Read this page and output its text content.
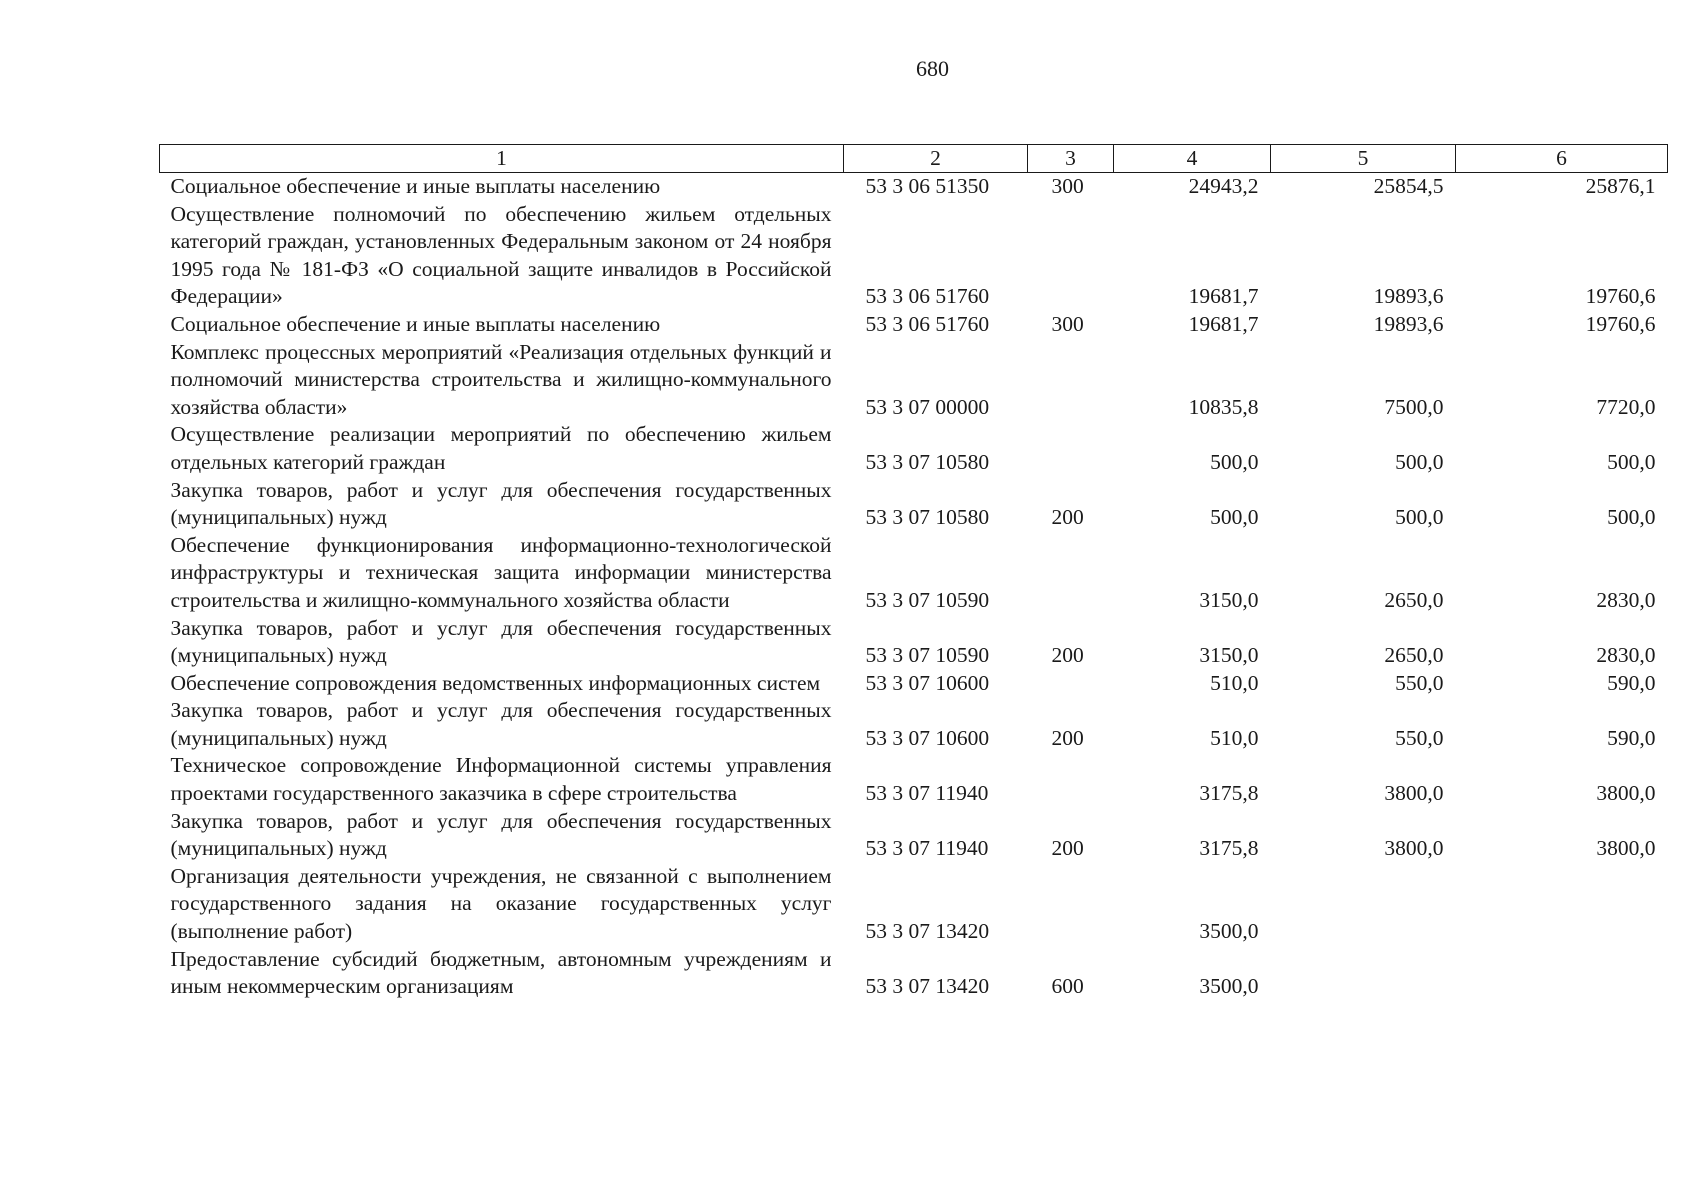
680
1	2	3	4	5	6
Социальное обеспечение и иные выплаты населению	53 3 06 51350	300	24943,2	25854,5	25876,1
Осуществление полномочий по обеспечению жильем отдельных категорий граждан, установленных Федеральным законом от 24 ноября 1995 года № 181-ФЗ «О социальной защите инвалидов в Российской Федерации»	53 3 06 51760		19681,7	19893,6	19760,6
Социальное обеспечение и иные выплаты населению	53 3 06 51760	300	19681,7	19893,6	19760,6
Комплекс процессных мероприятий «Реализация отдельных функций и полномочий министерства строительства и жилищно-коммунального хозяйства области»	53 3 07 00000		10835,8	7500,0	7720,0
Осуществление реализации мероприятий по обеспечению жильем отдельных категорий граждан	53 3 07 10580		500,0	500,0	500,0
Закупка товаров, работ и услуг для обеспечения государственных (муниципальных) нужд	53 3 07 10580	200	500,0	500,0	500,0
Обеспечение функционирования информационно-технологической инфраструктуры и техническая защита информации министерства строительства и жилищно-коммунального хозяйства области	53 3 07 10590		3150,0	2650,0	2830,0
Закупка товаров, работ и услуг для обеспечения государственных (муниципальных) нужд	53 3 07 10590	200	3150,0	2650,0	2830,0
Обеспечение сопровождения ведомственных информационных систем	53 3 07 10600		510,0	550,0	590,0
Закупка товаров, работ и услуг для обеспечения государственных (муниципальных) нужд	53 3 07 10600	200	510,0	550,0	590,0
Техническое сопровождение Информационной системы управления проектами государственного заказчика в сфере строительства	53 3 07 11940		3175,8	3800,0	3800,0
Закупка товаров, работ и услуг для обеспечения государственных (муниципальных) нужд	53 3 07 11940	200	3175,8	3800,0	3800,0
Организация деятельности учреждения, не связанной с выполнением государственного задания на оказание государственных услуг (выполнение работ)	53 3 07 13420		3500,0		
Предоставление субсидий бюджетным, автономным учреждениям и иным некоммерческим организациям	53 3 07 13420	600	3500,0		
